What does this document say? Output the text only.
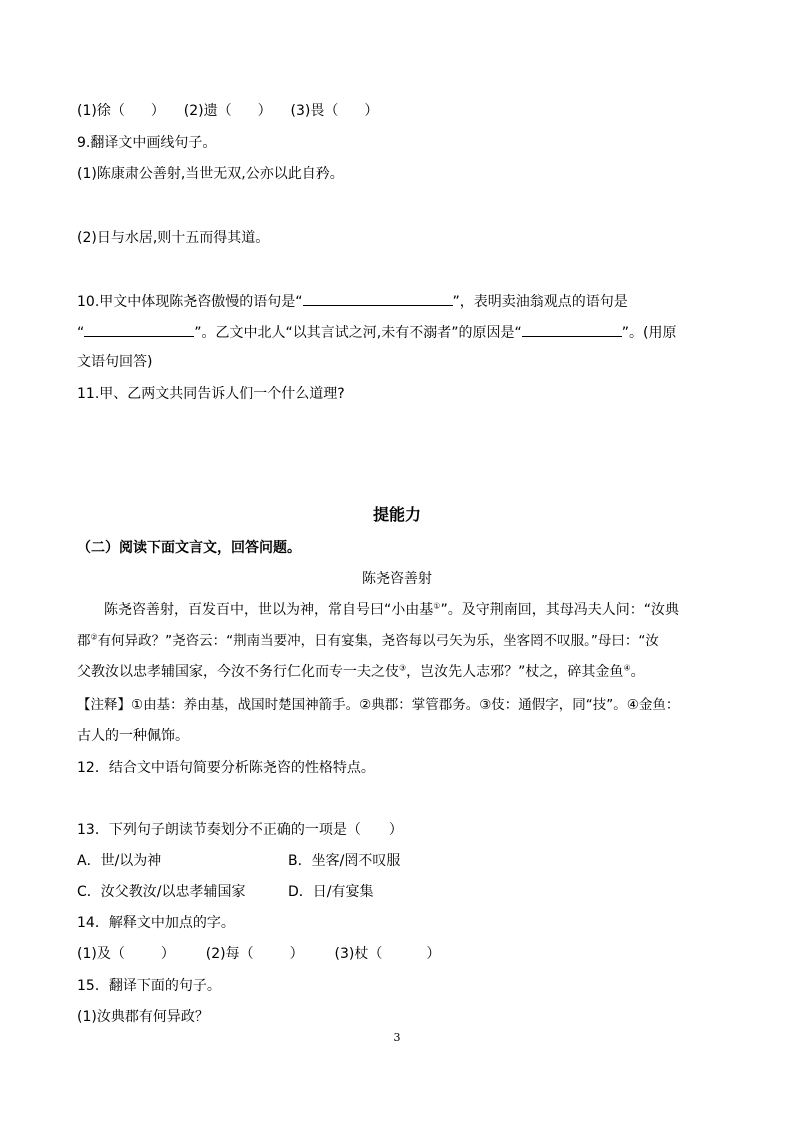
(1)徐（ ） (2)遗（ ） (3)畏（ ）
9.翻译文中画线句子。
(1)陈康肃公善射,当世无双,公亦以此自矜。
(2)日与水居,则十五而得其道。
10.甲文中体现陈尧咨傲慢的语句是“	”，表明卖油翁观点的语句是
“	”。乙文中北人“以其言试之河,未有不溺者”的原因是“	”。(用原
文语句回答)
11.甲、乙两文共同告诉人们一个什么道理?
提能力
（二）阅读下面文言文，回答问题。
陈尧咨善射
陈尧咨善射，百发百中，世以为神，常自号曰“小由基①”。及守荆南回，其母冯夫人问：“汝典
郡②有何异政？”尧咨云：“荆南当要冲，日有宴集，尧咨每以弓矢为乐，坐客罔不叹服。”母曰：“汝
父教汝以忠孝辅国家，今汝不务行仁化而专一夫之伎③，岂汝先人志邪？”杖之，碎其金鱼④。
【注释】①由基：养由基，战国时楚国神箭手。②典郡：掌管郡务。③伎：通假字，同“技”。④金鱼：
古人的一种佩饰。
12．结合文中语句简要分析陈尧咨的性格特点。
13．下列句子朗读节奏划分不正确的一项是（　　）
A．世/以为神	B．坐客/罔不叹服
C．汝父教汝/以忠孝辅国家	D．日/有宴集
14．解释文中加点的字。
(1)及（	） (2)每（	） (3)杖（	）
15．翻译下面的句子。
(1)汝典郡有何异政？
3
